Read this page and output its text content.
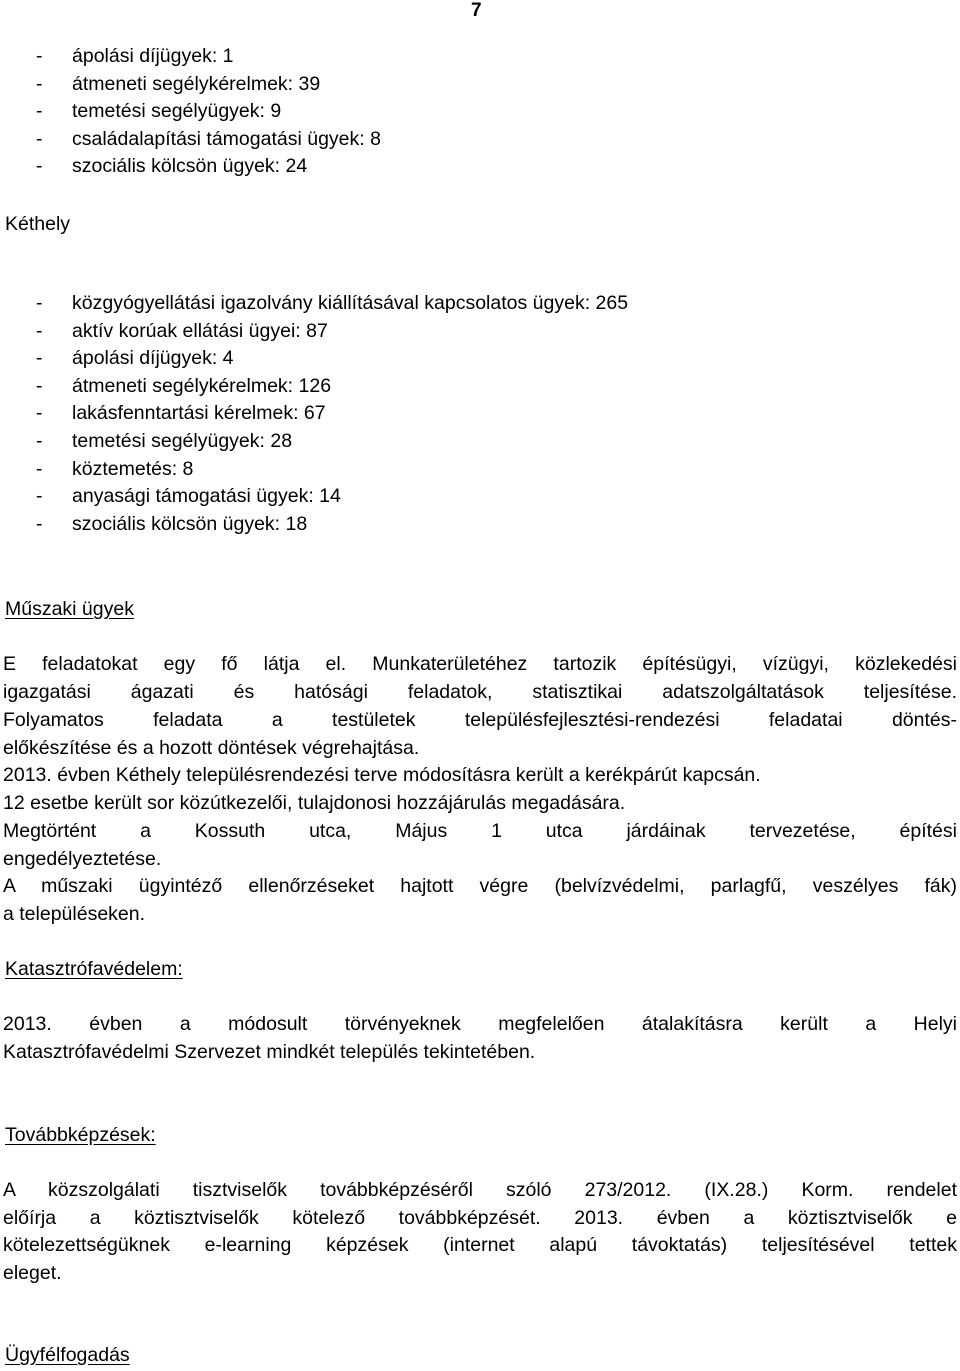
7
- ápolási díjügyek: 1
- átmeneti segélykérelmek: 39
- temetési segélyügyek: 9
- családalapítási támogatási ügyek: 8
- szociális kölcsön ügyek: 24
Kéthely
- közgyógyellátási igazolvány kiállításával kapcsolatos ügyek: 265
- aktív korúak ellátási ügyei: 87
- ápolási díjügyek: 4
- átmeneti segélykérelmek: 126
- lakásfenntartási kérelmek: 67
- temetési segélyügyek: 28
- köztemetés: 8
- anyasági támogatási ügyek: 14
- szociális kölcsön ügyek: 18
Műszaki ügyek
E feladatokat egy fő látja el. Munkaterületéhez tartozik építésügyi, vízügyi, közlekedési
igazgatási ágazati és hatósági feladatok, statisztikai adatszolgáltatások teljesítése.
Folyamatos feladata a testületek településfejlesztési-rendezési feladatai döntés-
előkészítése és a hozott döntések végrehajtása.
2013. évben Kéthely településrendezési terve módosításra került a kerékpárút kapcsán.
12 esetbe került sor közútkezelői, tulajdonosi hozzájárulás megadására.
Megtörtént a Kossuth utca, Május 1 utca járdáinak tervezetése, építési
engedélyeztetése.
A műszaki ügyintéző ellenőrzéseket hajtott végre (belvízvédelmi, parlagfű, veszélyes fák)
a településeken.
Katasztrófavédelem:
2013. évben a módosult törvényeknek megfelelően átalakításra került a Helyi
Katasztrófavédelmi Szervezet mindkét település tekintetében.
Továbbképzések:
A közszolgálati tisztviselők továbbképzéséről szóló 273/2012. (IX.28.) Korm. rendelet
előírja a köztisztviselők kötelező továbbképzését. 2013. évben a köztisztviselők e
kötelezettségüknek e-learning képzések (internet alapú távoktatás) teljesítésével tettek
eleget.
Ügyfélfogadás
